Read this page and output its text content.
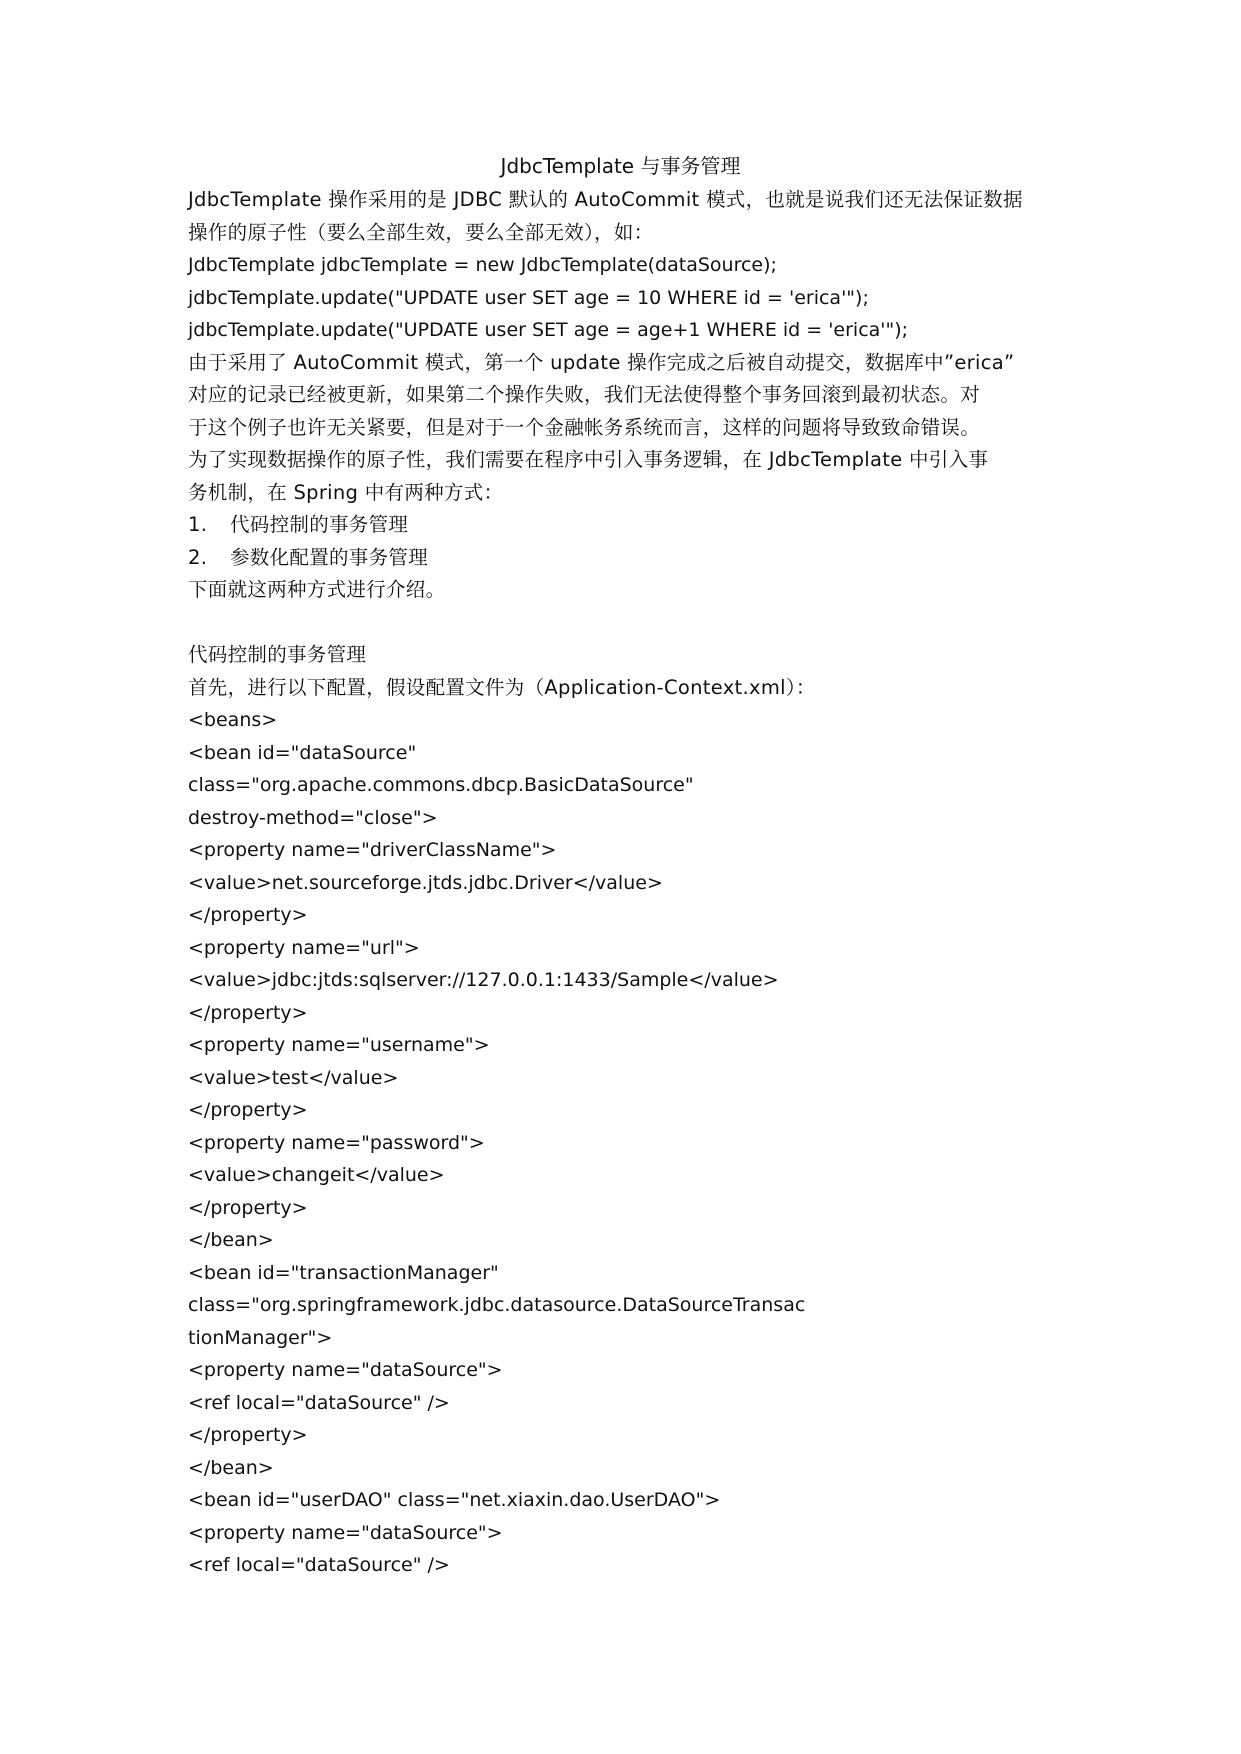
JdbcTemplate 与事务管理
JdbcTemplate 操作采用的是 JDBC 默认的 AutoCommit 模式，也就是说我们还无法保证数据
操作的原子性（要么全部生效，要么全部无效），如：
JdbcTemplate jdbcTemplate = new JdbcTemplate(dataSource);
jdbcTemplate.update("UPDATE user SET age = 10 WHERE id = 'erica'");
jdbcTemplate.update("UPDATE user SET age = age+1 WHERE id = 'erica'");
由于采用了 AutoCommit 模式，第一个 update 操作完成之后被自动提交，数据库中”erica”
对应的记录已经被更新，如果第二个操作失败，我们无法使得整个事务回滚到最初状态。对
于这个例子也许无关紧要，但是对于一个金融帐务系统而言，这样的问题将导致致命错误。
为了实现数据操作的原子性，我们需要在程序中引入事务逻辑，在 JdbcTemplate 中引入事
务机制，在 Spring 中有两种方式：
1. 代码控制的事务管理
2. 参数化配置的事务管理
下面就这两种方式进行介绍。
代码控制的事务管理
首先，进行以下配置，假设配置文件为（Application-Context.xml）：
<beans>
<bean id="dataSource"
class="org.apache.commons.dbcp.BasicDataSource"
destroy-method="close">
<property name="driverClassName">
<value>net.sourceforge.jtds.jdbc.Driver</value>
</property>
<property name="url">
<value>jdbc:jtds:sqlserver://127.0.0.1:1433/Sample</value>
</property>
<property name="username">
<value>test</value>
</property>
<property name="password">
<value>changeit</value>
</property>
</bean>
<bean id="transactionManager"
class="org.springframework.jdbc.datasource.DataSourceTransac
tionManager">
<property name="dataSource">
<ref local="dataSource" />
</property>
</bean>
<bean id="userDAO" class="net.xiaxin.dao.UserDAO">
<property name="dataSource">
<ref local="dataSource" />
